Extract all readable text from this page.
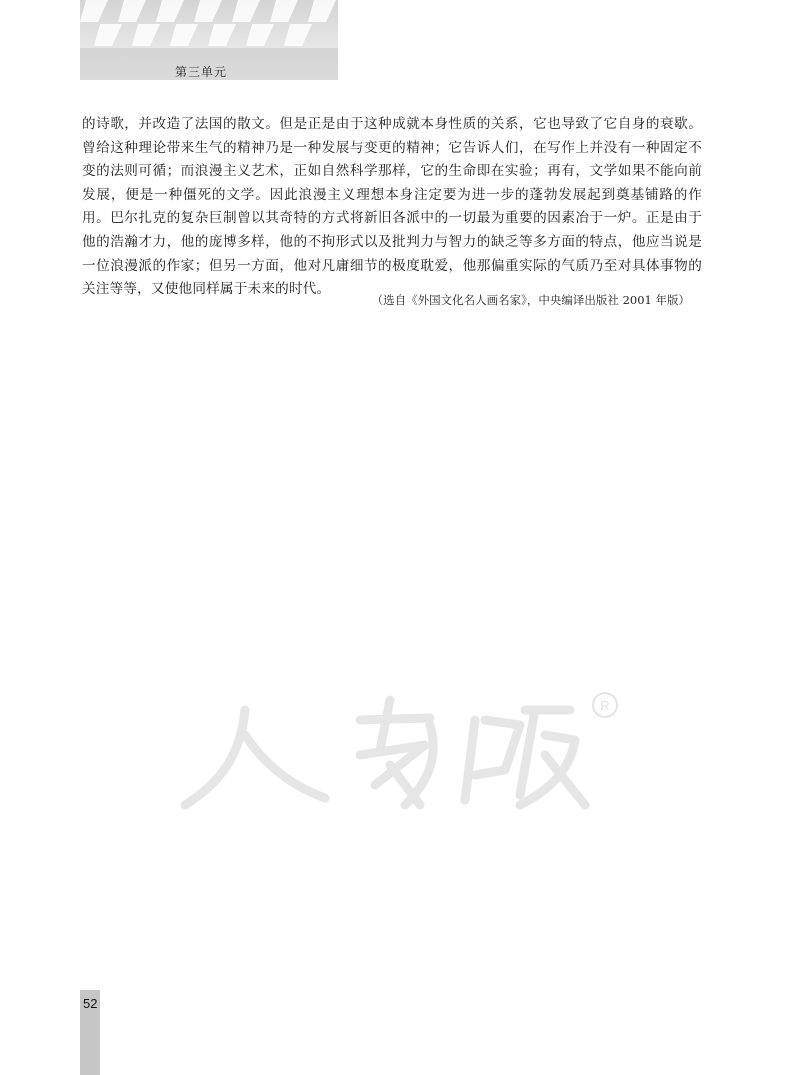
第三单元

的诗歌，并改造了法国的散文。但是正是由于这种成就本身性质的关系，它也导致了它自身的衰歇。曾给这种理论带来生气的精神乃是一种发展与变更的精神；它告诉人们，在写作上并没有一种固定不变的法则可循；而浪漫主义艺术，正如自然科学那样，它的生命即在实验；再有，文学如果不能向前发展，便是一种僵死的文学。因此浪漫主义理想本身注定要为进一步的蓬勃发展起到奠基铺路的作用。巴尔扎克的复杂巨制曾以其奇特的方式将新旧各派中的一切最为重要的因素冶于一炉。正是由于他的浩瀚才力，他的庞博多样，他的不拘形式以及批判力与智力的缺乏等多方面的特点，他应当说是一位浪漫派的作家；但另一方面，他对凡庸细节的极度耽爱，他那偏重实际的气质乃至对具体事物的关注等等，又使他同样属于未来的时代。

（选自《外国文化名人画名家》，中央编译出版社 2001 年版）
R
52
